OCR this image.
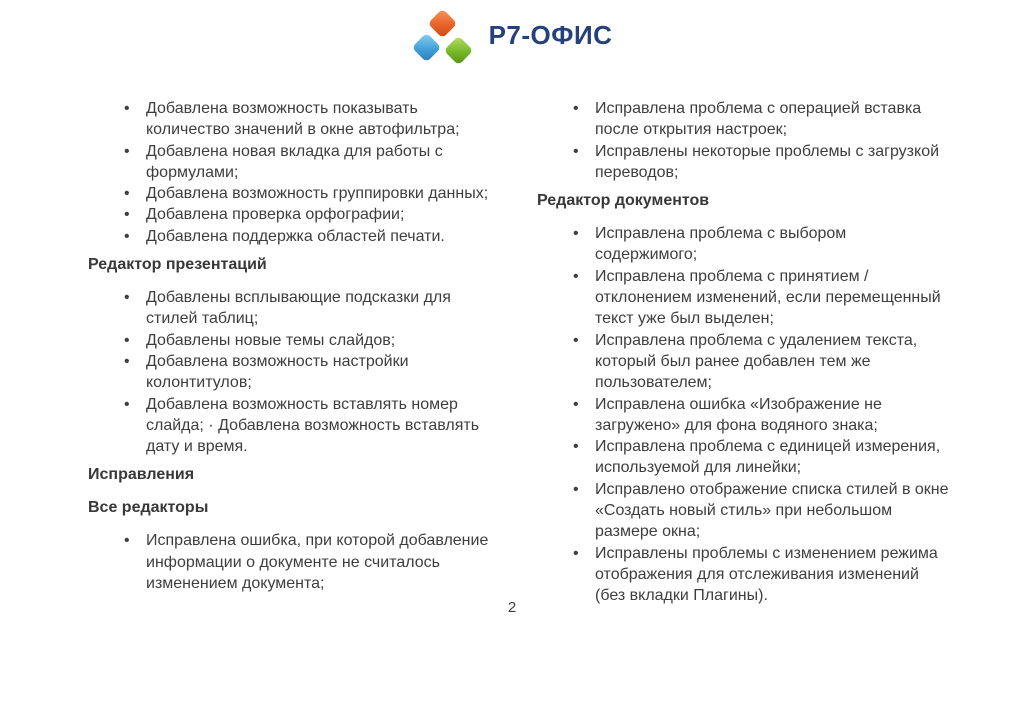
Р7-ОФИС
• Добавлена возможность показывать количество значений в окне автофильтра;
• Добавлена новая вкладка для работы с формулами;
• Добавлена возможность группировки данных;
• Добавлена проверка орфографии;
• Добавлена поддержка областей печати.
Редактор презентаций
• Добавлены всплывающие подсказки для стилей таблиц;
• Добавлены новые темы слайдов;
• Добавлена возможность настройки колонтитулов;
• Добавлена возможность вставлять номер слайда; · Добавлена возможность вставлять дату и время.
Исправления
Все редакторы
• Исправлена ошибка, при которой добавление информации о документе не считалось изменением документа;
• Исправлена проблема с операцией вставка после открытия настроек;
• Исправлены некоторые проблемы с загрузкой переводов;
Редактор документов
• Исправлена проблема с выбором содержимого;
• Исправлена проблема с принятием / отклонением изменений, если перемещенный текст уже был выделен;
• Исправлена проблема с удалением текста, который был ранее добавлен тем же пользователем;
• Исправлена ошибка «Изображение не загружено» для фона водяного знака;
• Исправлена проблема с единицей измерения, используемой для линейки;
• Исправлено отображение списка стилей в окне «Создать новый стиль» при небольшом размере окна;
• Исправлены проблемы с изменением режима отображения для отслеживания изменений (без вкладки Плагины).
2
